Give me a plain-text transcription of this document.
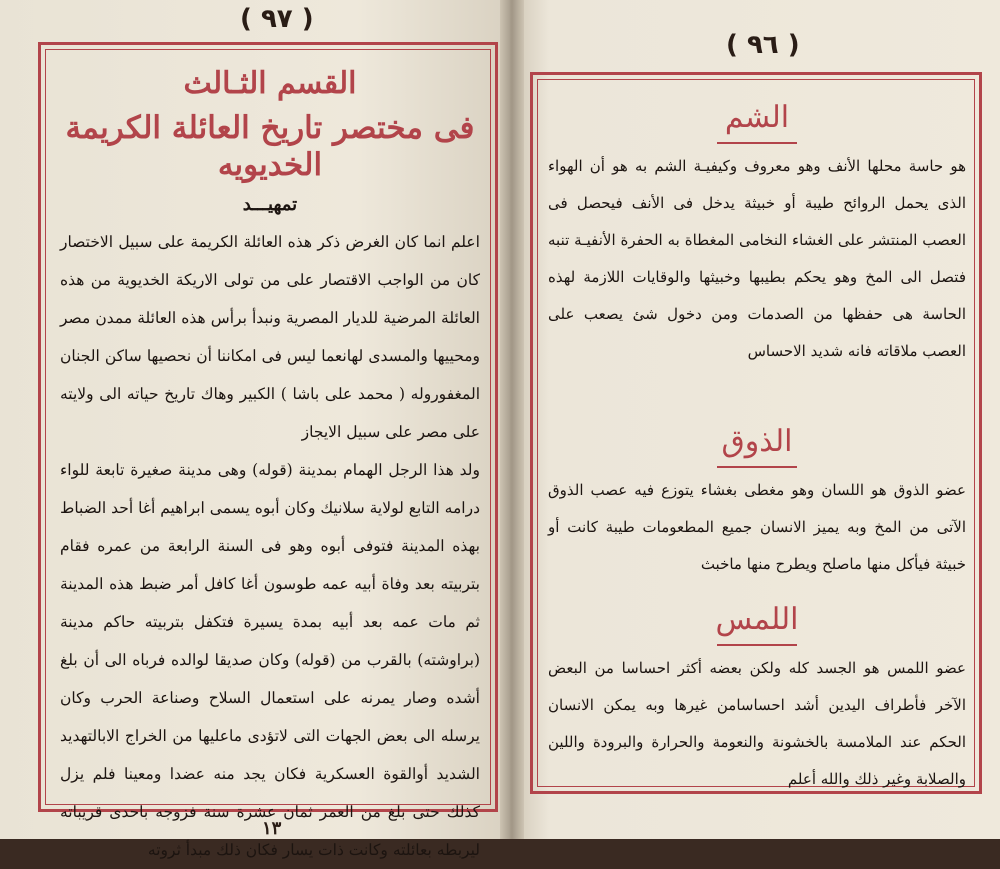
( ٩٧ )
القسم الثـالث
فى مختصر تاريخ العائلة الكريمة الخديويه
تمهيـــد

اعلم انما كان الغرض ذكر هذه العائلة الكريمة على سبيل الاختصار كان من الواجب الاقتصار على من تولى الاريكة الخديوية من هذه العائلة المرضية للديار المصرية ونبدأ برأس هذه العائلة ممدن مصر ومحييها والمسدى لهانعما ليس فى امكاننا أن نحصيها ساكن الجنان المغفوروله ( محمد على باشا ) الكبير وهاك تاريخ حياته الى ولايته على مصر على سبيل الايجاز

ولد هذا الرجل الهمام بمدينة (قوله) وهى مدينة صغيرة تابعة للواء درامه التابع لولاية سلانيك وكان أبوه يسمى ابراهيم أغا أحد الضباط بهذه المدينة فتوفى أبوه وهو فى السنة الرابعة من عمره فقام بتربيته بعد وفاة أبيه عمه طوسون أغا كافل أمر ضبط هذه المدينة ثم مات عمه بعد أبيه بمدة يسيرة فتكفل بتربيته حاكم مدينة (براوشته) بالقرب من (قوله) وكان صديقا لوالده فرباه الى أن بلغ أشده وصار يمرنه على استعمال السلاح وصناعة الحرب وكان يرسله الى بعض الجهات التى لاتؤدى ماعليها من الخراج الابالتهديد الشديد أوالقوة العسكرية فكان يجد منه عضدا ومعينا فلم يزل كذلك حتى بلغ من العمر ثمان عشرة سنة فزوجه باحدى قريباته ليربطه بعائلته وكانت ذات يسار فكان ذلك مبدأ ثروته

١٣
( ٩٦ )
الشم

هو حاسة محلها الأنف وهو معروف وكيفيـة الشم به هو أن الهواء الذى يحمل الروائح طيبة أو خبيثة يدخل فى الأنف فيحصل فى العصب المنتشر على الغشاء النخامى المغطاة به الحفرة الأنفيـة تنبه فتصل الى المخ وهو يحكم بطيبها وخبيثها والوقايات اللازمة لهذه الحاسة هى حفظها من الصدمات ومن دخول شئ يصعب على العصب ملاقاته فانه شديد الاحساس

الذوق

عضو الذوق هو اللسان وهو مغطى بغشاء يتوزع فيه عصب الذوق الآتى من المخ وبه يميز الانسان جميع المطعومات طيبة كانت أو خبيثة فيأكل منها ماصلح ويطرح منها ماخبث

اللمس

عضو اللمس هو الجسد كله ولكن بعضه أكثر احساسا من البعض الآخر فأطراف اليدين أشد احساسامن غيرها وبه يمكن الانسان الحكم عند الملامسة بالخشونة والنعومة والحرارة والبرودة واللين والصلابة وغير ذلك والله أعلم
